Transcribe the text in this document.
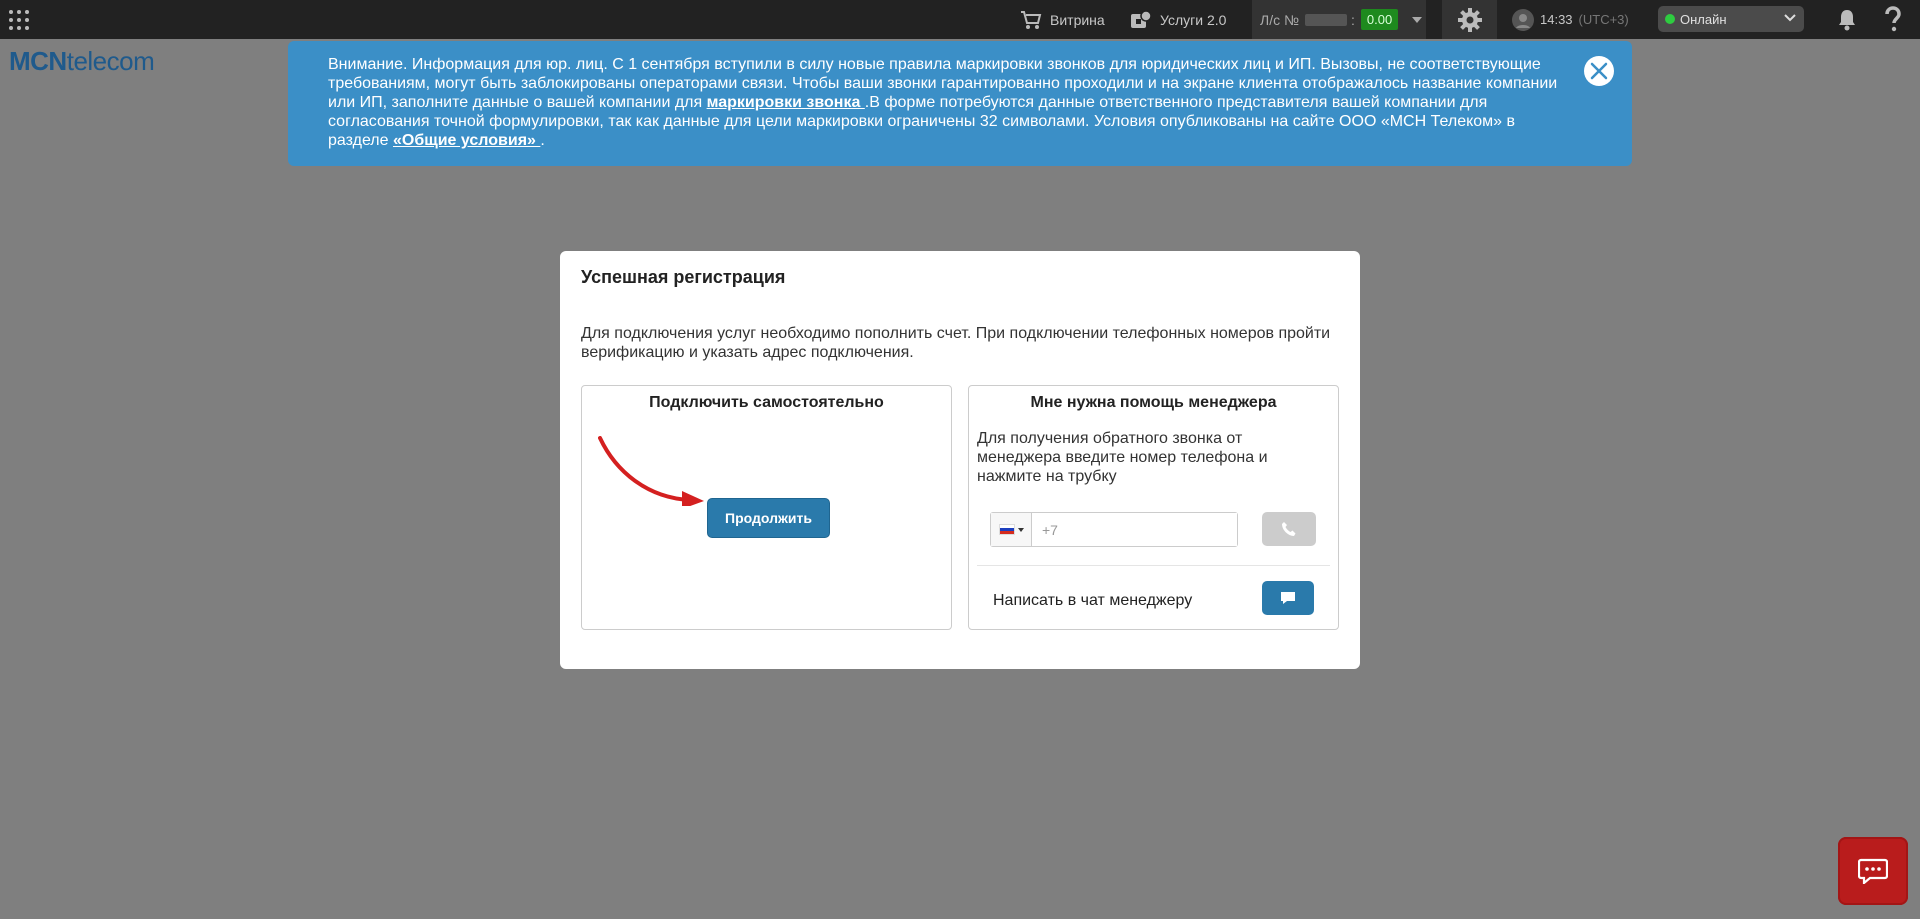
Витрина	Услуги 2.0 Л/с №	: 0.00	14:33 (UTC+3)	Онлайн
MCNtelecom	Внимание. Информация для юр. лиц. С 1 сентября вступили в силу новые правила маркировки звонков для юридических лиц и ИП. Вызовы, не соответствующие требованиям, могут быть заблокированы операторами связи. Чтобы ваши звонки гарантированно проходили и на экране клиента отображалось название компании или ИП, заполните данные о вашей компании для маркировки звонка .В форме потребуются данные ответственного представителя вашей компании для согласования точной формулировки, так как данные для цели маркировки ограничены 32 символами. Условия опубликованы на сайте ООО «МСН Телеком» в разделе «Общие условия» .
Успешная регистрация
Для подключения услуг необходимо пополнить счет. При подключении телефонных номеров пройти верификацию и указать адрес подключения.
Подключить самостоятельно
Продолжить
Мне нужна помощь менеджера
Для получения обратного звонка от менеджера введите номер телефона и нажмите на трубку
+7
Написать в чат менеджеру
